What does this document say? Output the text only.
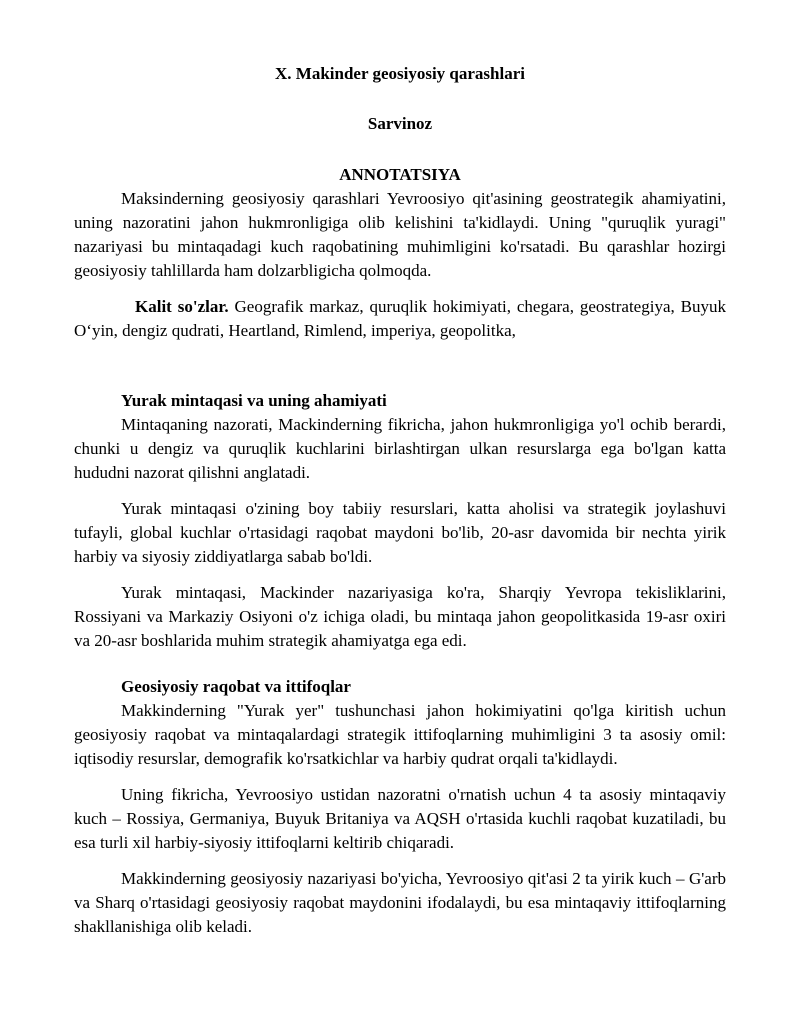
X. Makinder geosiyosiy qarashlari

Sarvinoz

ANNOTATSIYA

Maksinderning geosiyosiy qarashlari Yevroosiyo qit'asining geostrategik ahamiyatini, uning nazoratini jahon hukmronligiga olib kelishini ta'kidlaydi. Uning "quruqlik yuragi" nazariyasi bu mintaqadagi kuch raqobatining muhimligini ko'rsatadi. Bu qarashlar hozirgi geosiyosiy tahlillarda ham dolzarbligicha qolmoqda.

Kalit so'zlar. Geografik markaz, quruqlik hokimiyati, chegara, geostrategiya, Buyuk O‘yin, dengiz qudrati, Heartland, Rimlend, imperiya, geopolitka,

Yurak mintaqasi va uning ahamiyati

Mintaqaning nazorati, Mackinderning fikricha, jahon hukmronligiga yo'l ochib berardi, chunki u dengiz va quruqlik kuchlarini birlashtirgan ulkan resurslarga ega bo'lgan katta hududni nazorat qilishni anglatadi.

Yurak mintaqasi o'zining boy tabiiy resurslari, katta aholisi va strategik joylashuvi tufayli, global kuchlar o'rtasidagi raqobat maydoni bo'lib, 20-asr davomida bir nechta yirik harbiy va siyosiy ziddiyatlarga sabab bo'ldi.

Yurak mintaqasi, Mackinder nazariyasiga ko'ra, Sharqiy Yevropa tekisliklarini, Rossiyani va Markaziy Osiyoni o'z ichiga oladi, bu mintaqa jahon geopolitkasida 19-asr oxiri va 20-asr boshlarida muhim strategik ahamiyatga ega edi.

Geosiyosiy raqobat va ittifoqlar

Makkinderning "Yurak yer" tushunchasi jahon hokimiyatini qo'lga kiritish uchun geosiyosiy raqobat va mintaqalardagi strategik ittifoqlarning muhimligini 3 ta asosiy omil: iqtisodiy resurslar, demografik ko'rsatkichlar va harbiy qudrat orqali ta'kidlaydi.

Uning fikricha, Yevroosiyo ustidan nazoratni o'rnatish uchun 4 ta asosiy mintaqaviy kuch – Rossiya, Germaniya, Buyuk Britaniya va AQSH o'rtasida kuchli raqobat kuzatiladi, bu esa turli xil harbiy-siyosiy ittifoqlarni keltirib chiqaradi.

Makkinderning geosiyosiy nazariyasi bo'yicha, Yevroosiyo qit'asi 2 ta yirik kuch – G'arb va Sharq o'rtasidagi geosiyosiy raqobat maydonini ifodalaydi, bu esa mintaqaviy ittifoqlarning shakllanishiga olib keladi.
